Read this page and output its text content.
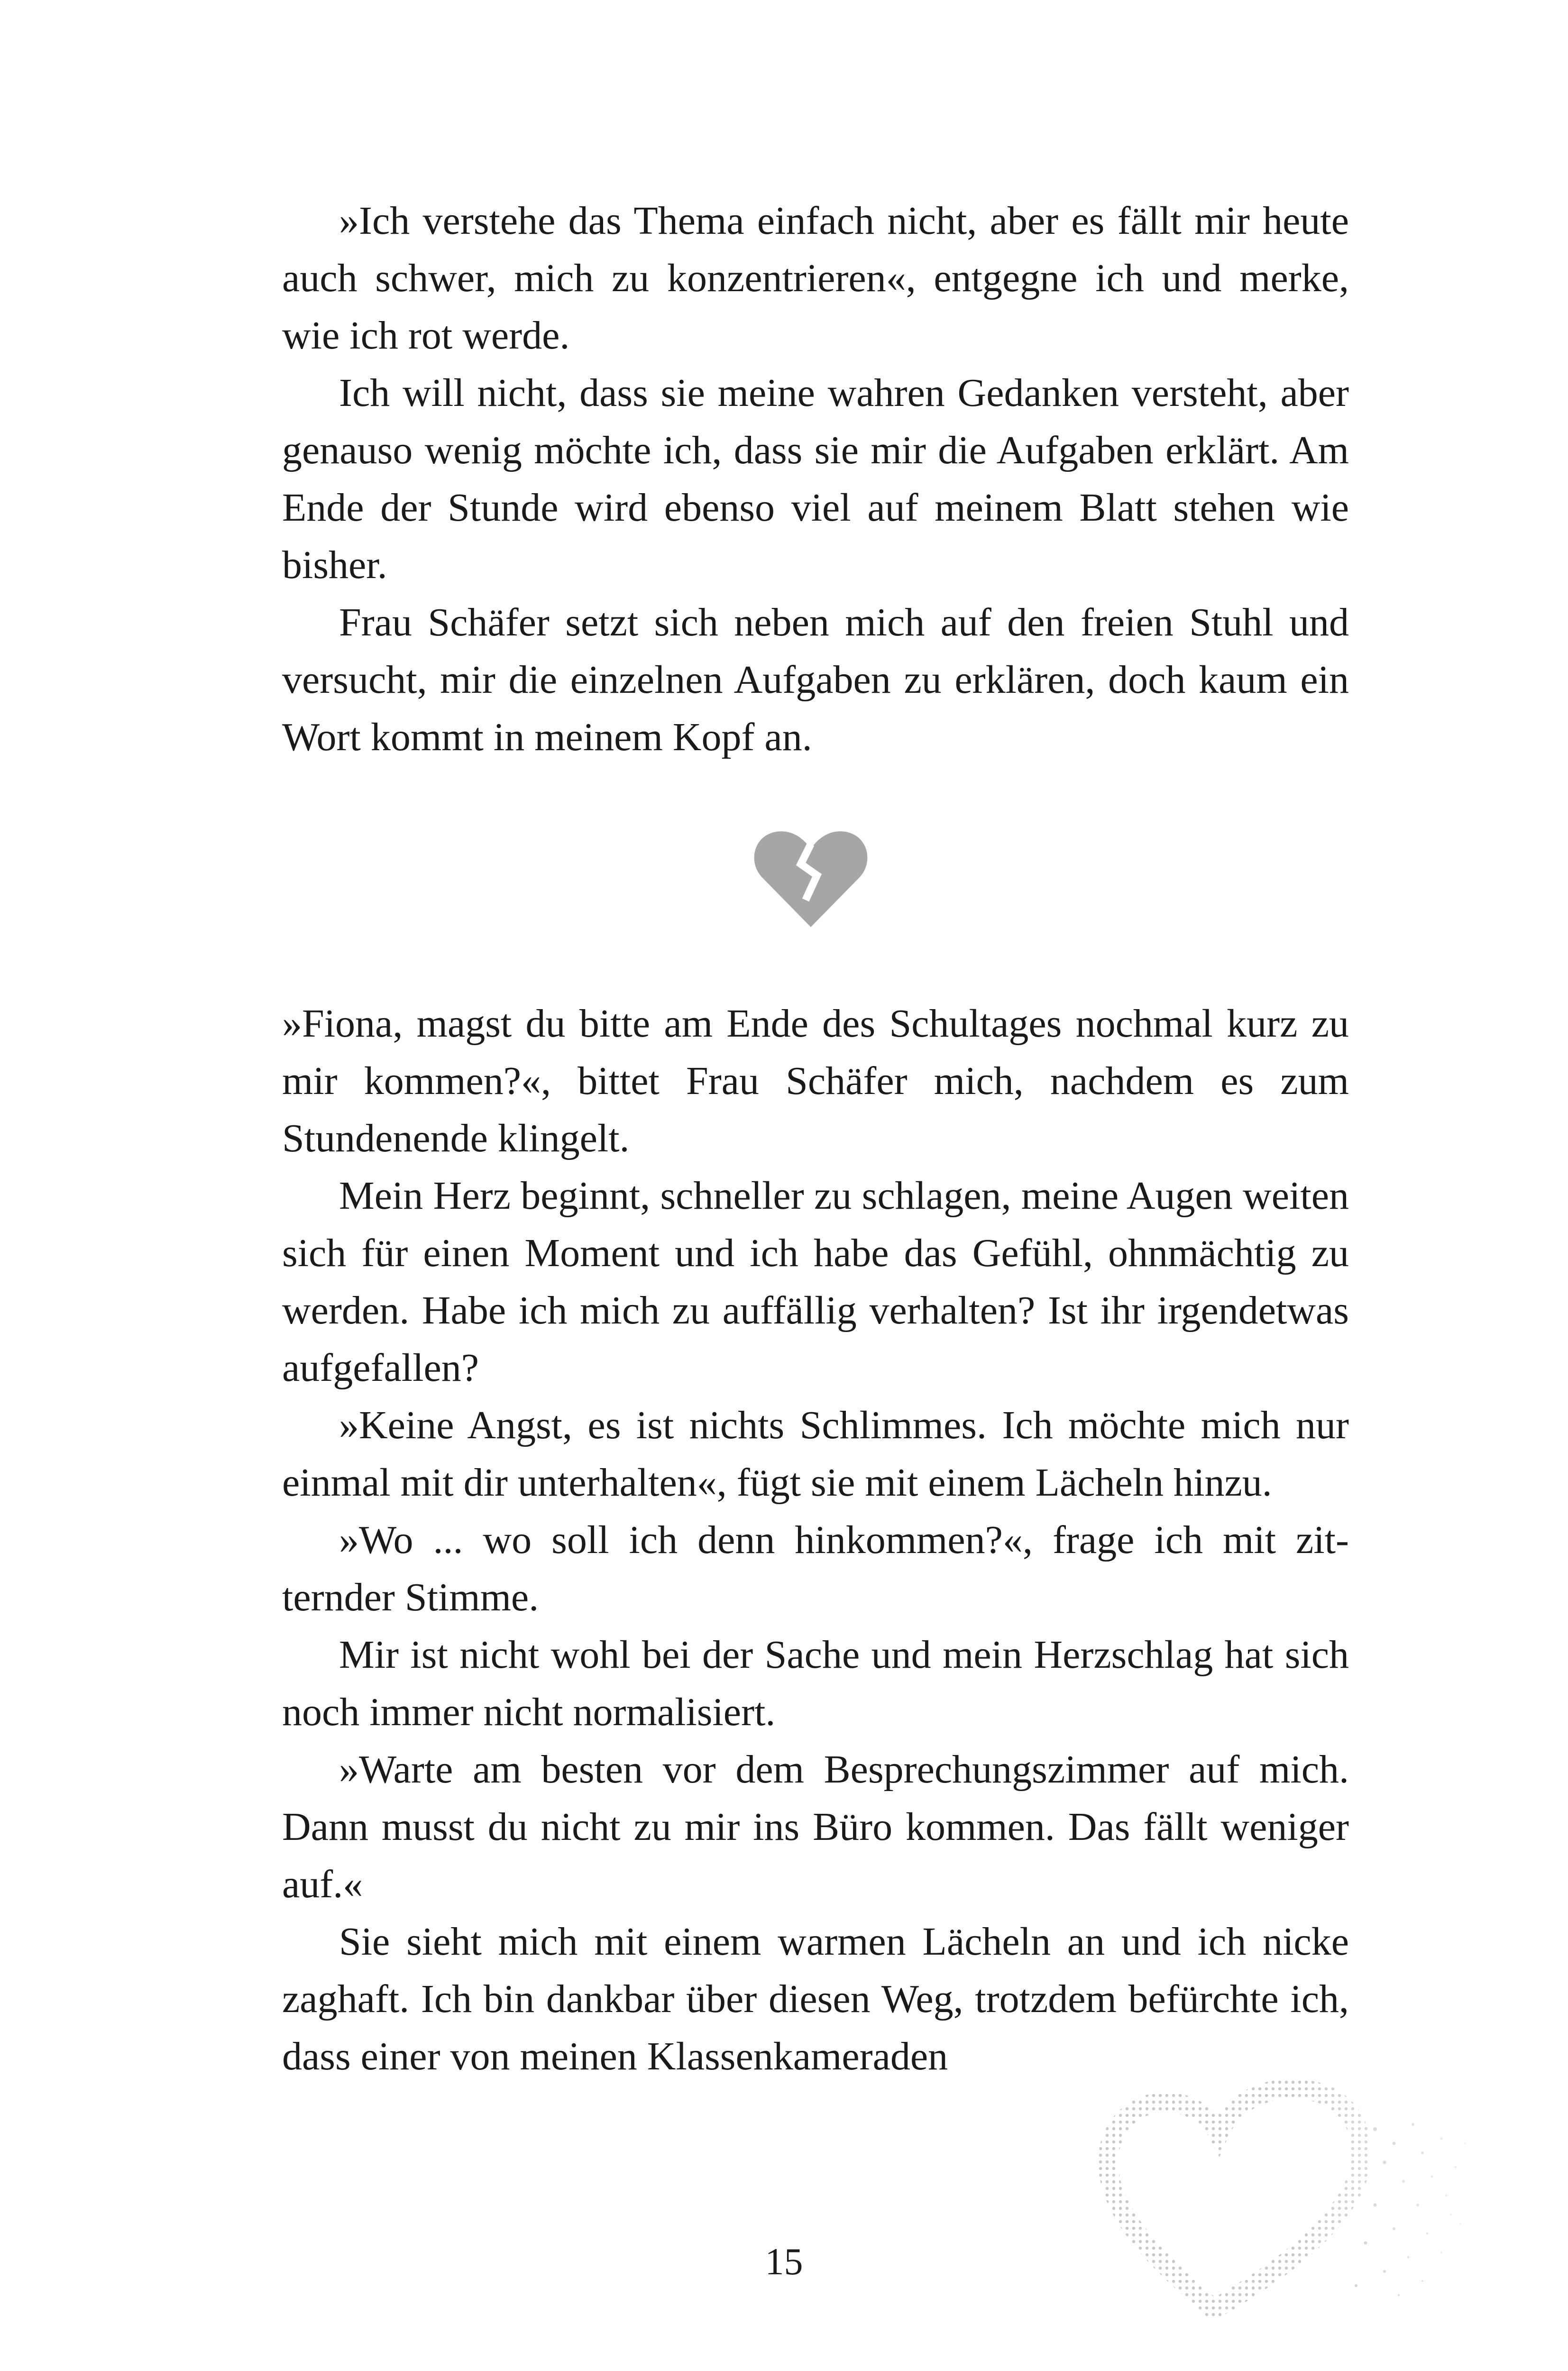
»Ich verstehe das Thema einfach nicht, aber es fällt mir heute auch schwer, mich zu konzentrieren«, entgegne ich und merke, wie ich rot werde.

Ich will nicht, dass sie meine wahren Gedanken versteht, aber genauso wenig möchte ich, dass sie mir die Aufgaben erklärt. Am Ende der Stunde wird ebenso viel auf meinem Blatt stehen wie bisher.

Frau Schäfer setzt sich neben mich auf den freien Stuhl und versucht, mir die einzelnen Aufgaben zu erklären, doch kaum ein Wort kommt in meinem Kopf an.

»Fiona, magst du bitte am Ende des Schultages nochmal kurz zu mir kommen?«, bittet Frau Schäfer mich, nachdem es zum Stundenende klingelt.

Mein Herz beginnt, schneller zu schlagen, meine Augen weiten sich für einen Moment und ich habe das Gefühl, ohnmächtig zu werden. Habe ich mich zu auffällig verhalten? Ist ihr irgendetwas aufgefallen?

»Keine Angst, es ist nichts Schlimmes. Ich möchte mich nur einmal mit dir unterhalten«, fügt sie mit einem Lächeln hinzu.

»Wo ... wo soll ich denn hinkommen?«, frage ich mit zitternder Stimme.

Mir ist nicht wohl bei der Sache und mein Herzschlag hat sich noch immer nicht normalisiert.

»Warte am besten vor dem Besprechungszimmer auf mich. Dann musst du nicht zu mir ins Büro kommen. Das fällt weniger auf.«

Sie sieht mich mit einem warmen Lächeln an und ich nicke zaghaft. Ich bin dankbar über diesen Weg, trotzdem befürchte ich, dass einer von meinen Klassenkameraden

15
